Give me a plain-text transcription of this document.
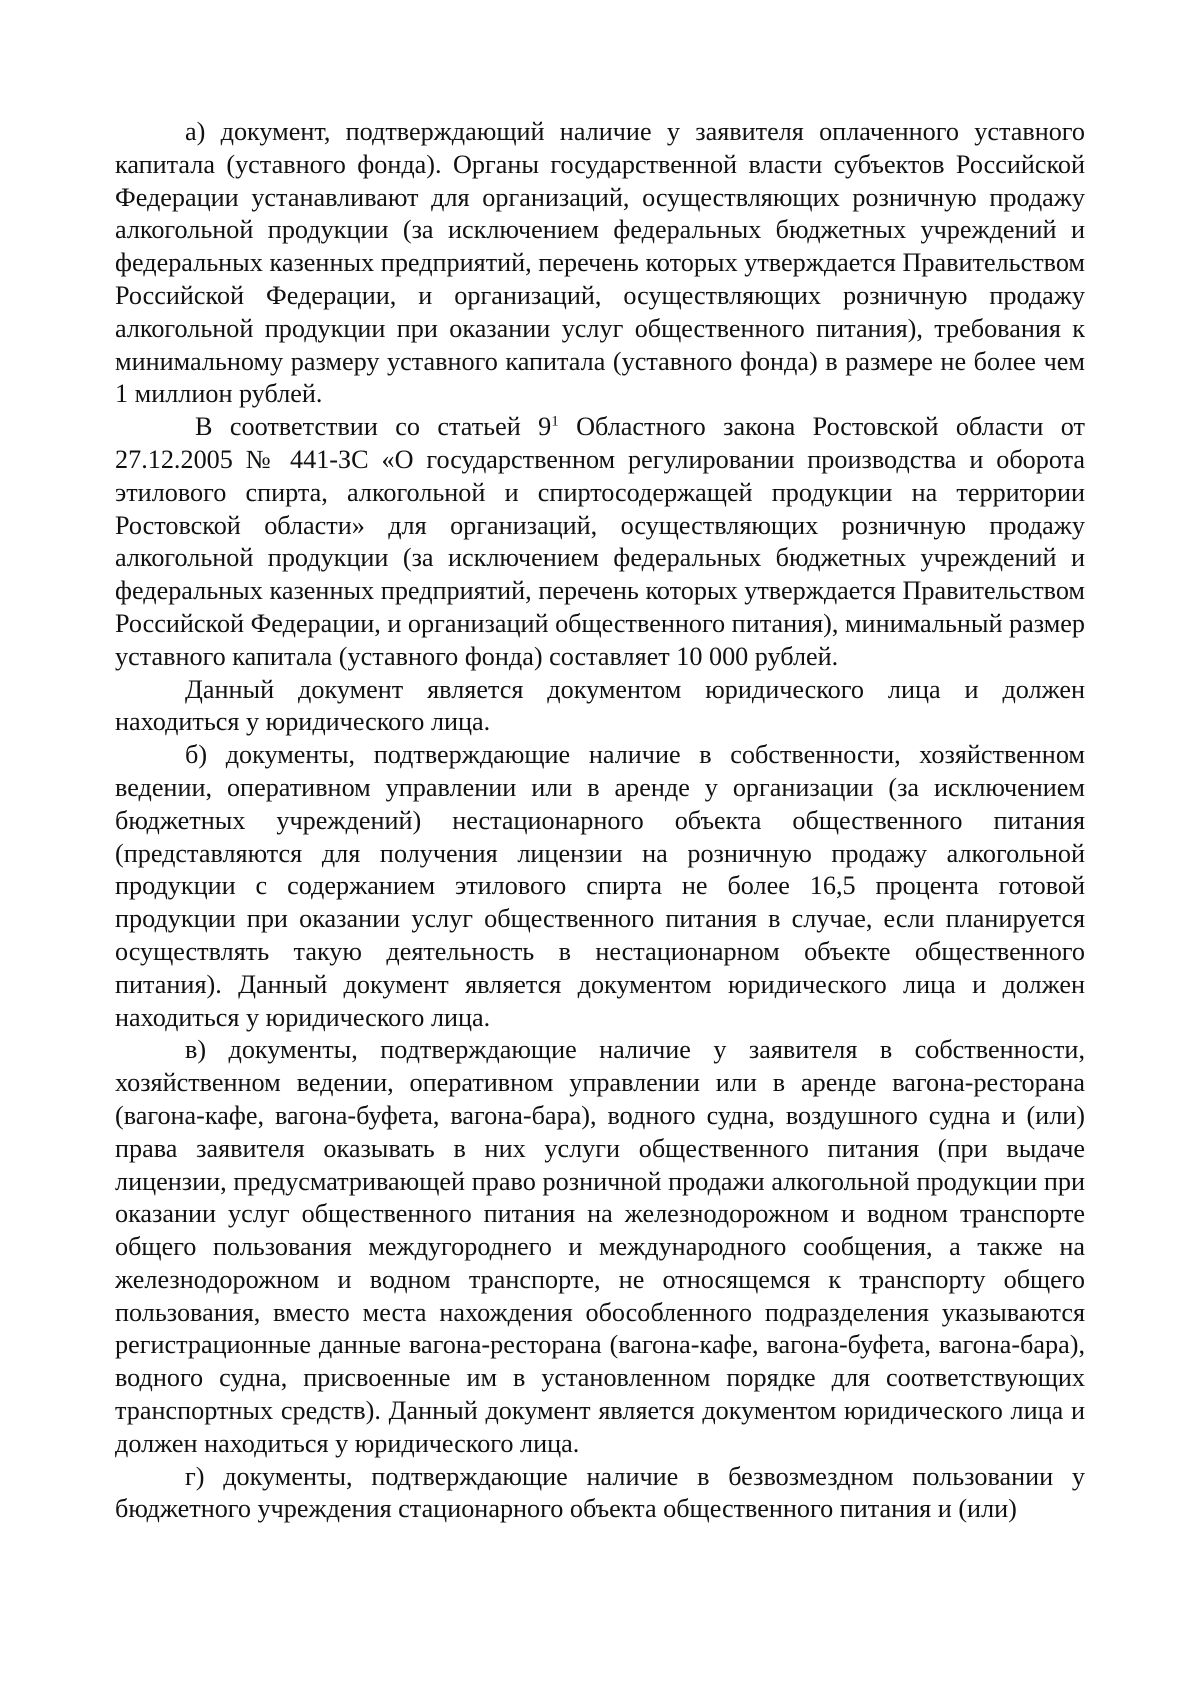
а) документ, подтверждающий наличие у заявителя оплаченного уставного капитала (уставного фонда). Органы государственной власти субъектов Российской Федерации устанавливают для организаций, осуществляющих розничную продажу алкогольной продукции (за исключением федеральных бюджетных учреждений и федеральных казенных предприятий, перечень которых утверждается Правительством Российской Федерации, и организаций, осуществляющих розничную продажу алкогольной продукции при оказании услуг общественного питания), требования к минимальному размеру уставного капитала (уставного фонда) в размере не более чем 1 миллион рублей.

В соответствии со статьей $9^1$ Областного закона Ростовской области от 27.12.2005 № 441-ЗС «О государственном регулировании производства и оборота этилового спирта, алкогольной и спиртосодержащей продукции на территории Ростовской области» для организаций, осуществляющих розничную продажу алкогольной продукции (за исключением федеральных бюджетных учреждений и федеральных казенных предприятий, перечень которых утверждается Правительством Российской Федерации, и организаций общественного питания), минимальный размер уставного капитала (уставного фонда) составляет 10 000 рублей.

Данный документ является документом юридического лица и должен находиться у юридического лица.

б) документы, подтверждающие наличие в собственности, хозяйственном ведении, оперативном управлении или в аренде у организации (за исключением бюджетных учреждений) нестационарного объекта общественного питания (представляются для получения лицензии на розничную продажу алкогольной продукции с содержанием этилового спирта не более 16,5 процента готовой продукции при оказании услуг общественного питания в случае, если планируется осуществлять такую деятельность в нестационарном объекте общественного питания). Данный документ является документом юридического лица и должен находиться у юридического лица.

в) документы, подтверждающие наличие у заявителя в собственности, хозяйственном ведении, оперативном управлении или в аренде вагона-ресторана (вагона-кафе, вагона-буфета, вагона-бара), водного судна, воздушного судна и (или) права заявителя оказывать в них услуги общественного питания (при выдаче лицензии, предусматривающей право розничной продажи алкогольной продукции при оказании услуг общественного питания на железнодорожном и водном транспорте общего пользования междугороднего и международного сообщения, а также на железнодорожном и водном транспорте, не относящемся к транспорту общего пользования, вместо места нахождения обособленного подразделения указываются регистрационные данные вагона-ресторана (вагона-кафе, вагона-буфета, вагона-бара), водного судна, присвоенные им в установленном порядке для соответствующих транспортных средств). Данный документ является документом юридического лица и должен находиться у юридического лица.

г) документы, подтверждающие наличие в безвозмездном пользовании у бюджетного учреждения стационарного объекта общественного питания и (или)
